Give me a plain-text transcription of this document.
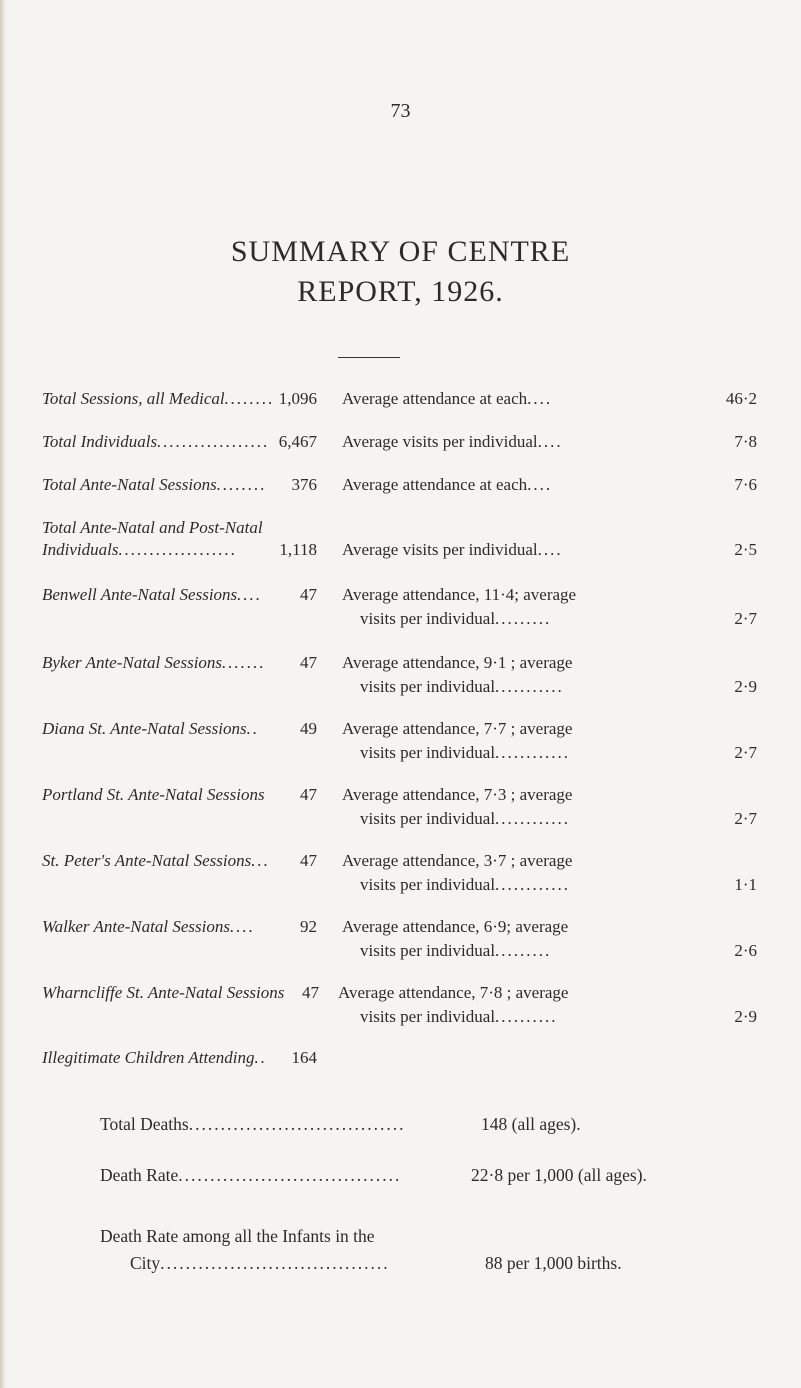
73
SUMMARY OF CENTRE
REPORT, 1926.
Total Sessions, all Medical........ 1,096 Average attendance at each....	46·2
Total Individuals.................. 6,467 Average visits per individual....	7·8
Total Ante-Natal Sessions........	376 Average attendance at each....	7·6
Total Ante-Natal and Post-Natal
Individuals...................	1,118 Average visits per individual....	2·5
Benwell Ante-Natal Sessions....	47 Average attendance, 11·4; average
visits per individual.........	2·7
Byker Ante-Natal Sessions.......	47 Average attendance, 9·1 ; average
visits per individual...........	2·9
Diana St. Ante-Natal Sessions..	49 Average attendance, 7·7 ; average
visits per individual............	2·7
Portland St. Ante-Natal Sessions	47 Average attendance, 7·3 ; average
visits per individual............	2·7
St. Peter's Ante-Natal Sessions...	47 Average attendance, 3·7 ; average
visits per individual............	1·1
Walker Ante-Natal Sessions....	92 Average attendance, 6·9; average
visits per individual.........	2·6
Wharncliffe St. Ante-Natal Sessions	47 Average attendance, 7·8 ; average
visits per individual..........	2·9
Illegitimate Children Attending..	164
Total Deaths..................................	148 (all ages).
Death Rate...................................	22·8 per 1,000 (all ages).
Death Rate among all the Infants in the
City....................................	88 per 1,000 births.
